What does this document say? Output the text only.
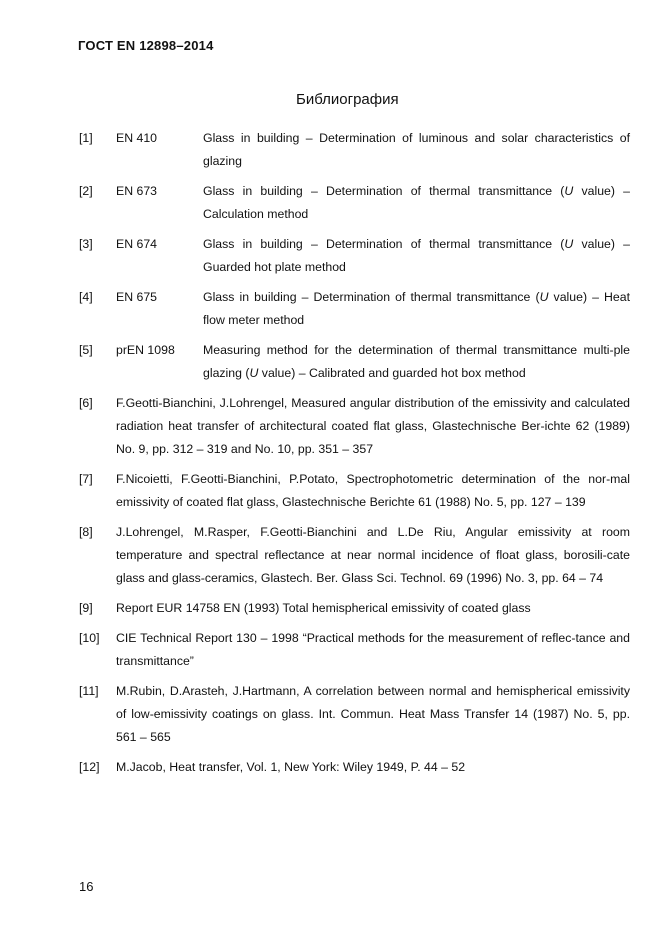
ГОСТ EN 12898–2014
Библиография
[1]	EN 410	Glass in building – Determination of luminous and solar characteristics of glazing
[2]	EN 673	Glass in building – Determination of thermal transmittance (U value) – Calculation method
[3]	EN 674	Glass in building – Determination of thermal transmittance (U value) – Guarded hot plate method
[4]	EN 675	Glass in building – Determination of thermal transmittance (U value) – Heat flow meter method
[5]	prEN 1098	Measuring method for the determination of thermal transmittance multi-ple glazing (U value) – Calibrated and guarded hot box method
[6]	F.Geotti-Bianchini, J.Lohrengel, Measured angular distribution of the emissivity and calculated radiation heat transfer of architectural coated flat glass, Glastechnische Ber-ichte 62 (1989) No. 9, pp. 312 – 319 and No. 10, pp. 351 – 357
[7]	F.Nicoietti, F.Geotti-Bianchini, P.Potato, Spectrophotometric determination of the nor-mal emissivity of coated flat glass, Glastechnische Berichte 61 (1988) No. 5, pp. 127 – 139
[8]	J.Lohrengel, M.Rasper, F.Geotti-Bianchini and L.De Riu, Angular emissivity at room temperature and spectral reflectance at near normal incidence of float glass, borosili-cate glass and glass-ceramics, Glastech. Ber. Glass Sci. Technol. 69 (1996) No. 3, pp. 64 – 74
[9]	Report EUR 14758 EN (1993) Total hemispherical emissivity of coated glass
[10]	CIE Technical Report 130 – 1998 “Practical methods for the measurement of reflec-tance and transmittance”
[11]	M.Rubin, D.Arasteh, J.Hartmann, A correlation between normal and hemispherical emissivity of low-emissivity coatings on glass. Int. Commun. Heat Mass Transfer 14 (1987) No. 5, pp. 561 – 565
[12]	M.Jacob, Heat transfer, Vol. 1, New York: Wiley 1949, P. 44 – 52
16
